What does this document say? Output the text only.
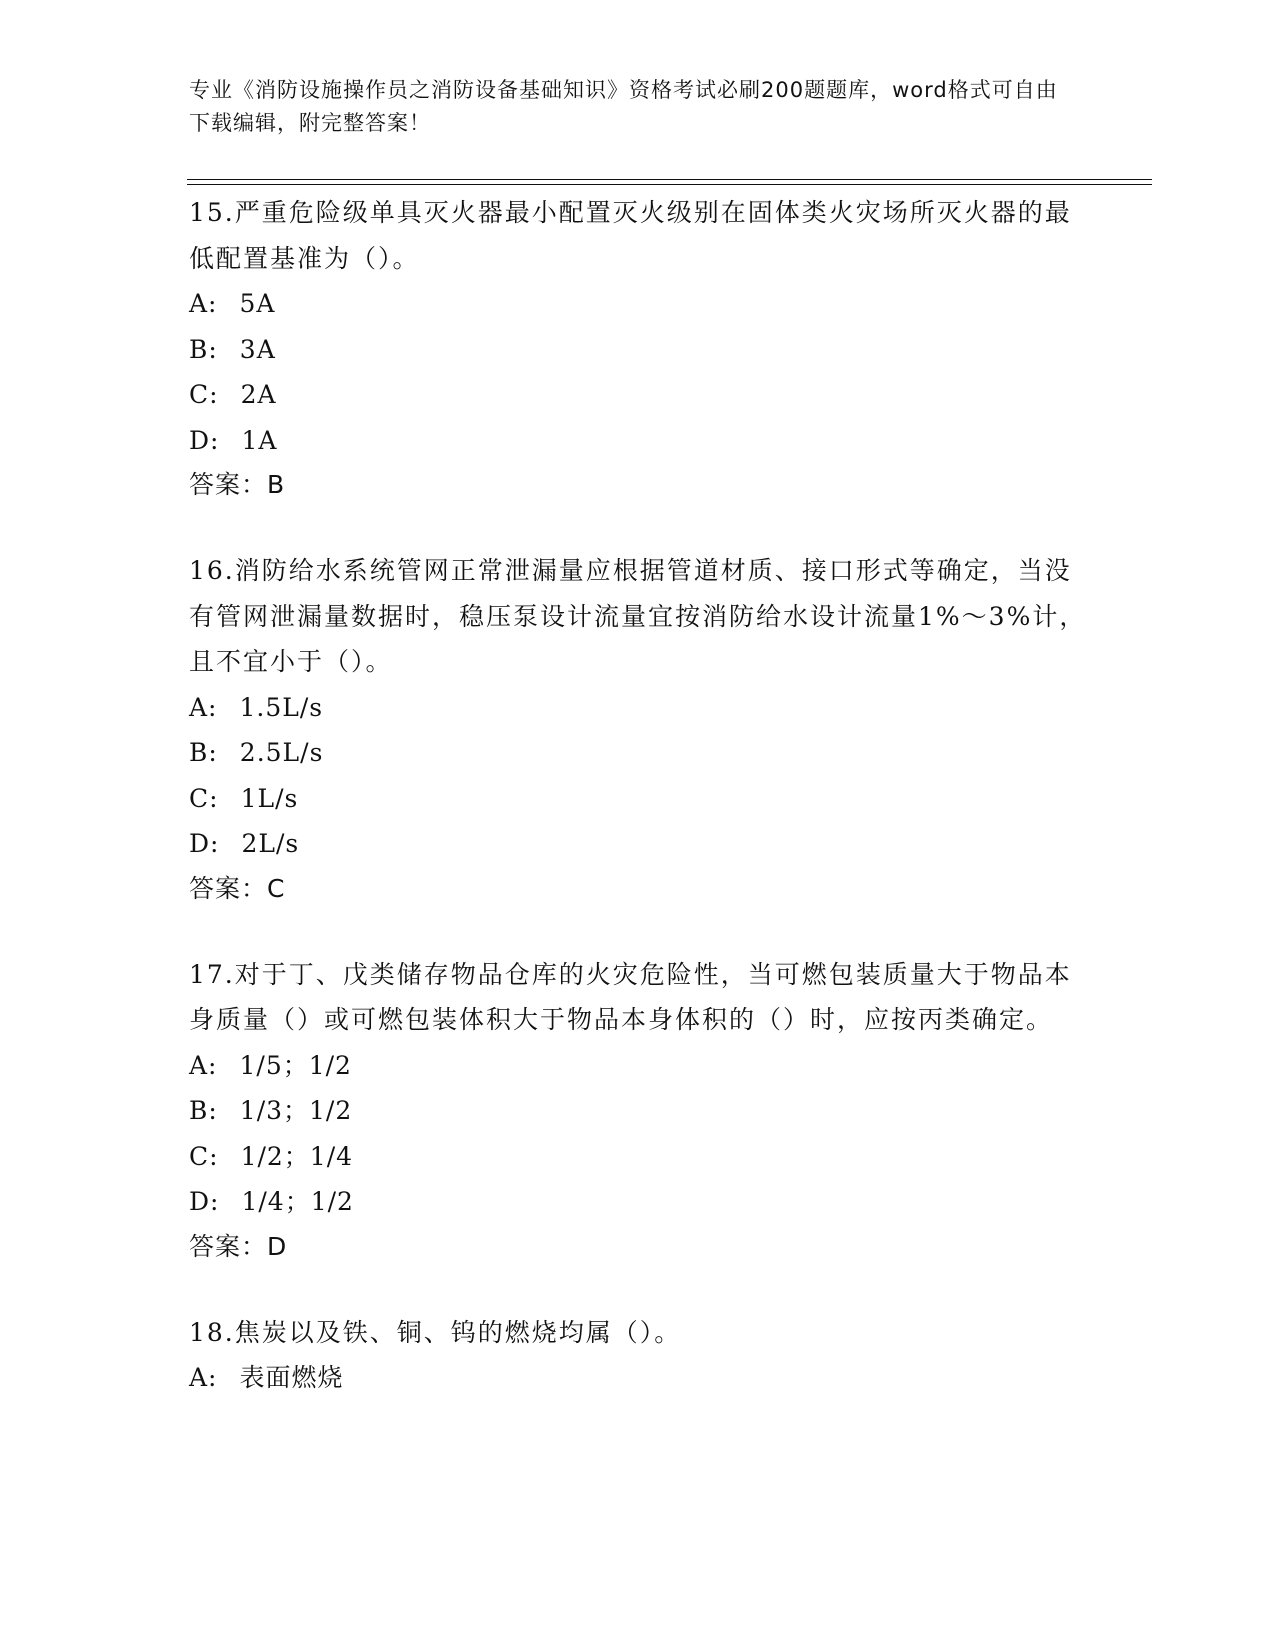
专业《消防设施操作员之消防设备基础知识》资格考试必刷200题题库，word格式可自由下载编辑，附完整答案！
15.严重危险级单具灭火器最小配置灭火级别在固体类火灾场所灭火器的最低配置基准为（）。
A: 5A
B: 3A
C: 2A
D: 1A
答案：B
16.消防给水系统管网正常泄漏量应根据管道材质、接口形式等确定，当没有管网泄漏量数据时，稳压泵设计流量宜按消防给水设计流量1%～3%计，且不宜小于（）。
A: 1.5L/s
B: 2.5L/s
C: 1L/s
D: 2L/s
答案：C
17.对于丁、戊类储存物品仓库的火灾危险性，当可燃包装质量大于物品本身质量（）或可燃包装体积大于物品本身体积的（）时，应按丙类确定。
A: 1/5；1/2
B: 1/3；1/2
C: 1/2；1/4
D: 1/4；1/2
答案：D
18.焦炭以及铁、铜、钨的燃烧均属（）。
A: 表面燃烧
